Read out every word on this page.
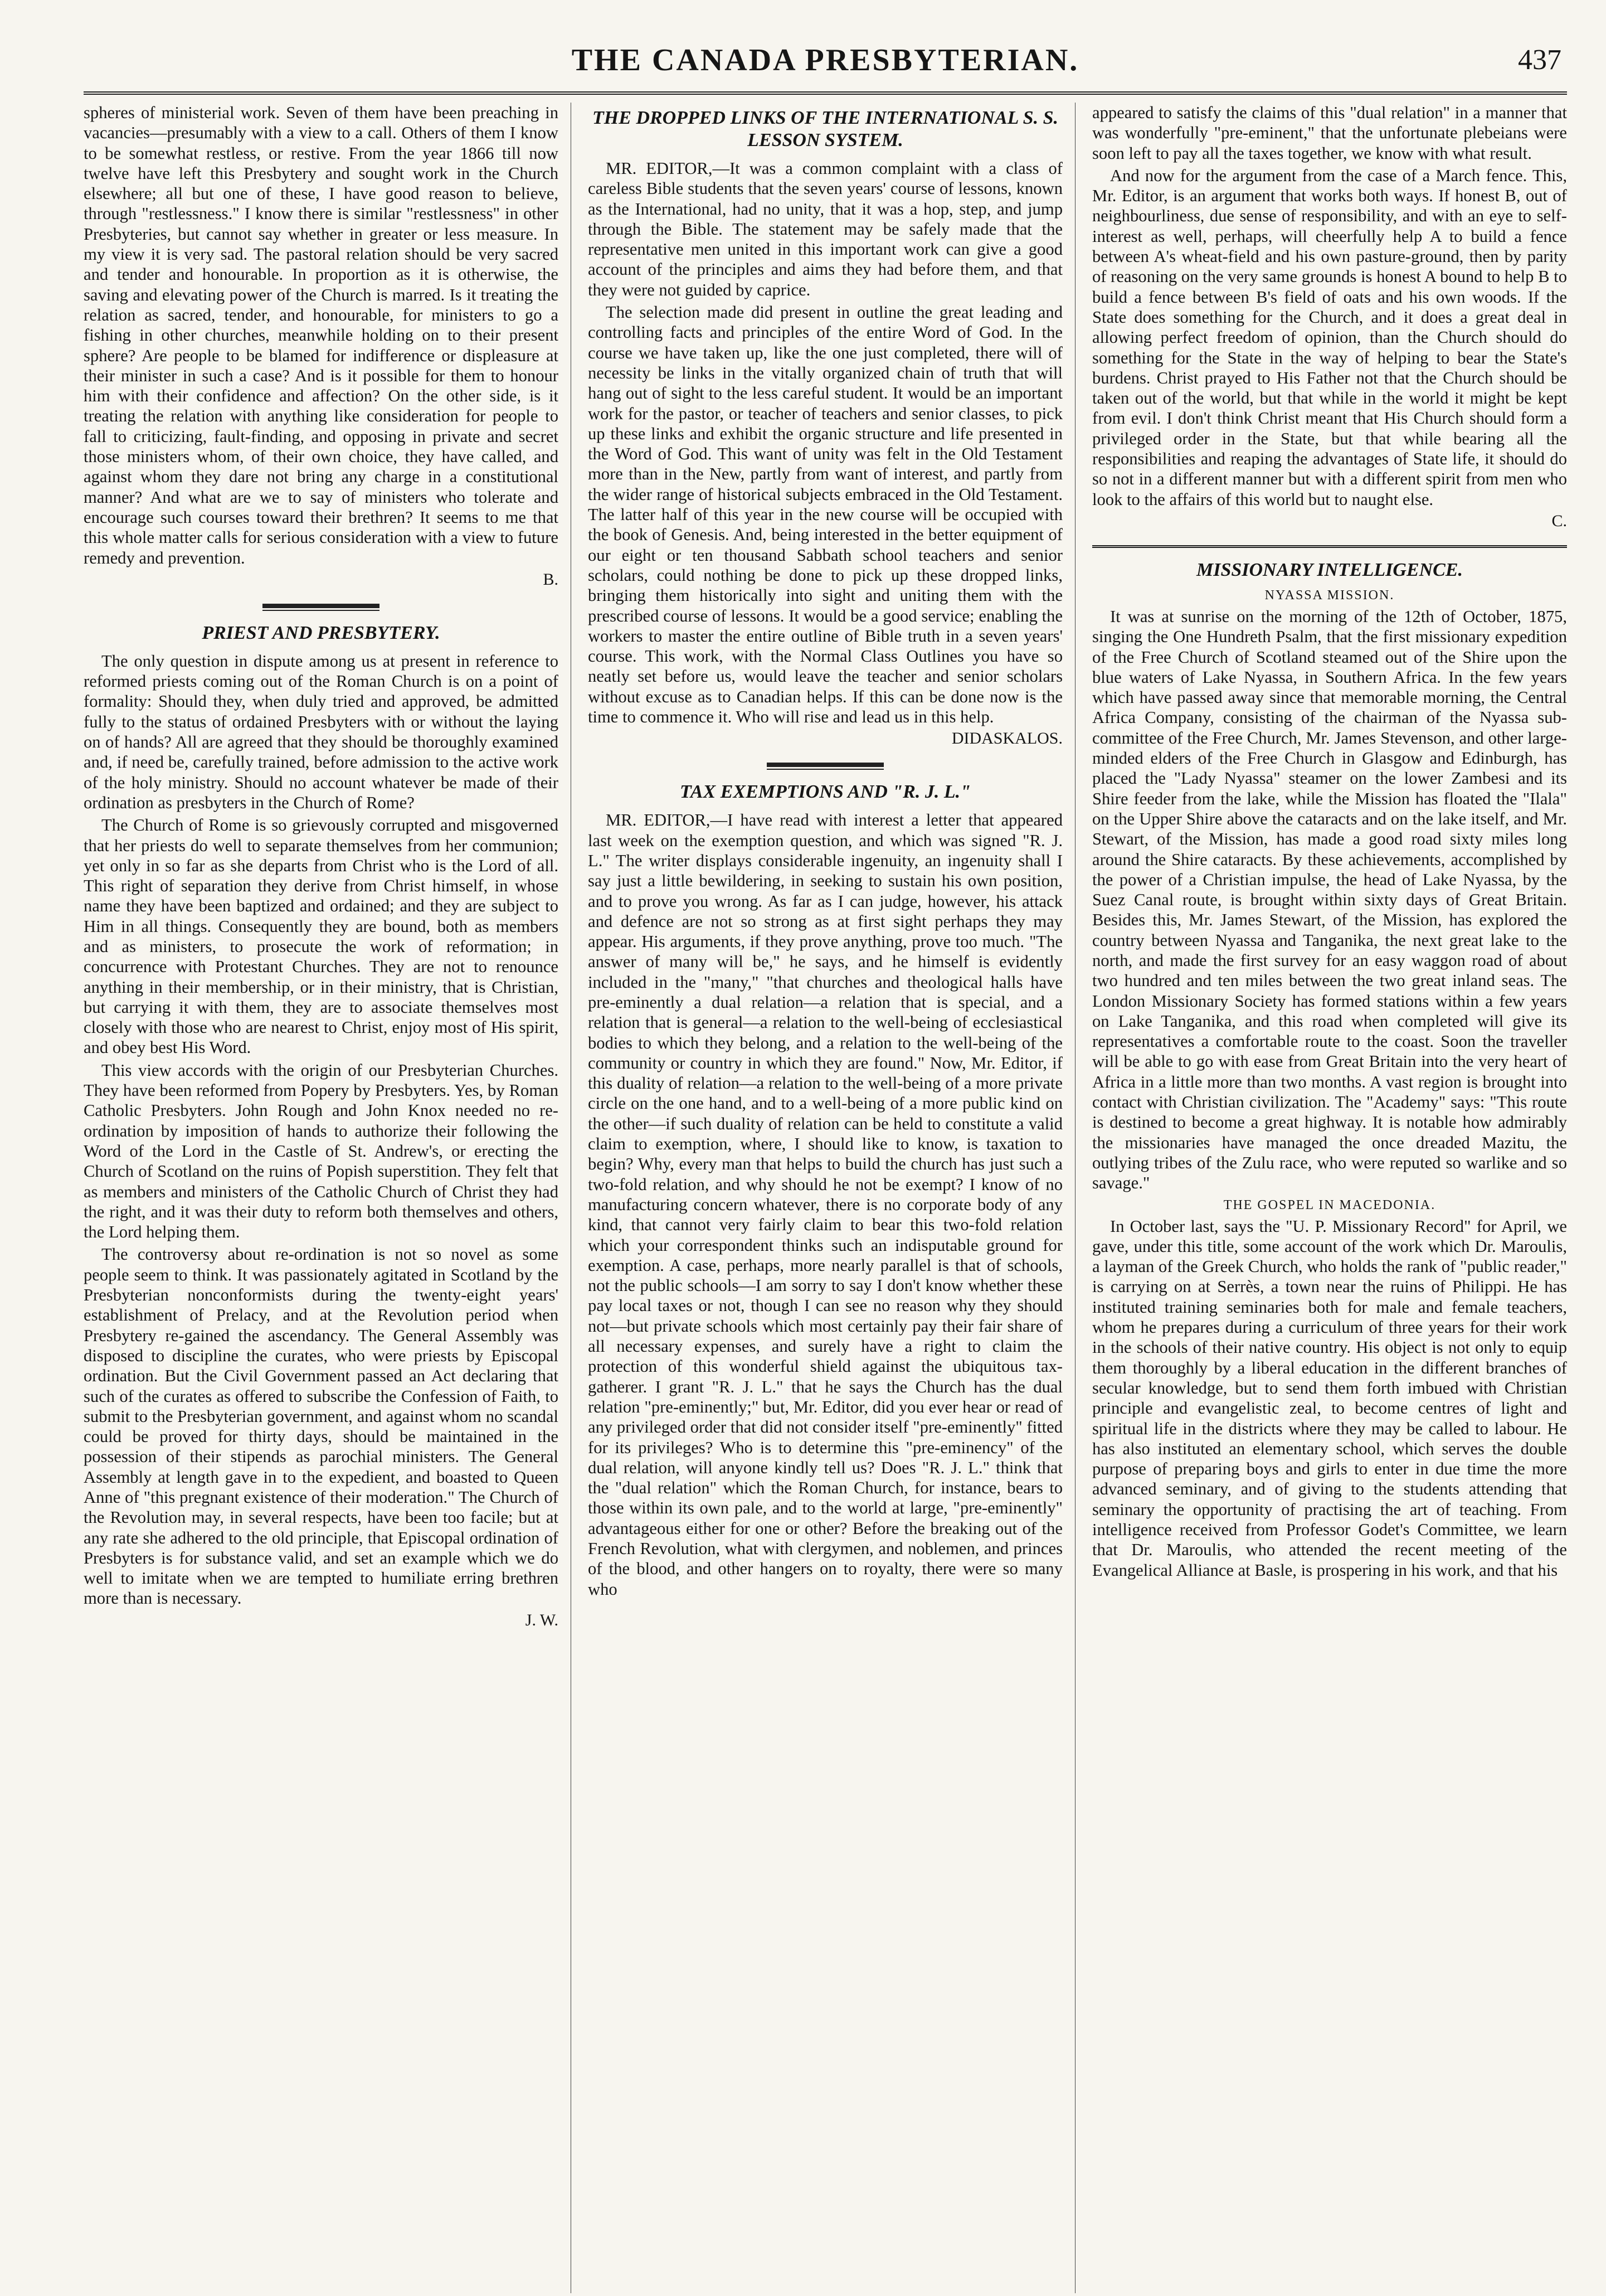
THE CANADA PRESBYTERIAN.	437

spheres of ministerial work. Seven of them have been preaching in vacancies—presumably with a view to a call. Others of them I know to be somewhat restless, or restive. From the year 1866 till now twelve have left this Presbytery and sought work in the Church elsewhere; all but one of these, I have good reason to believe, through "restlessness." I know there is similar "restlessness" in other Presbyteries, but cannot say whether in greater or less measure. In my view it is very sad. The pastoral relation should be very sacred and tender and honourable. In proportion as it is otherwise, the saving and elevating power of the Church is marred. Is it treating the relation as sacred, tender, and honourable, for ministers to go a fishing in other churches, meanwhile holding on to their present sphere? Are people to be blamed for indifference or displeasure at their minister in such a case? And is it possible for them to honour him with their confidence and affection? On the other side, is it treating the relation with anything like consideration for people to fall to criticizing, fault-finding, and opposing in private and secret those ministers whom, of their own choice, they have called, and against whom they dare not bring any charge in a constitutional manner? And what are we to say of ministers who tolerate and encourage such courses toward their brethren? It seems to me that this whole matter calls for serious consideration with a view to future remedy and prevention.

B.
PRIEST AND PRESBYTERY.

The only question in dispute among us at present in reference to reformed priests coming out of the Roman Church is on a point of formality: Should they, when duly tried and approved, be admitted fully to the status of ordained Presbyters with or without the laying on of hands? All are agreed that they should be thoroughly examined and, if need be, carefully trained, before admission to the active work of the holy ministry. Should no account whatever be made of their ordination as presbyters in the Church of Rome?

The Church of Rome is so grievously corrupted and misgoverned that her priests do well to separate themselves from her communion; yet only in so far as she departs from Christ who is the Lord of all. This right of separation they derive from Christ himself, in whose name they have been baptized and ordained; and they are subject to Him in all things. Consequently they are bound, both as members and as ministers, to prosecute the work of reformation; in concurrence with Protestant Churches. They are not to renounce anything in their membership, or in their ministry, that is Christian, but carrying it with them, they are to associate themselves most closely with those who are nearest to Christ, enjoy most of His spirit, and obey best His Word.

This view accords with the origin of our Presbyterian Churches. They have been reformed from Popery by Presbyters. Yes, by Roman Catholic Presbyters. John Rough and John Knox needed no re-ordination by imposition of hands to authorize their following the Word of the Lord in the Castle of St. Andrew's, or erecting the Church of Scotland on the ruins of Popish superstition. They felt that as members and ministers of the Catholic Church of Christ they had the right, and it was their duty to reform both themselves and others, the Lord helping them.

The controversy about re-ordination is not so novel as some people seem to think. It was passionately agitated in Scotland by the Presbyterian nonconformists during the twenty-eight years' establishment of Prelacy, and at the Revolution period when Presbytery re-gained the ascendancy. The General Assembly was disposed to discipline the curates, who were priests by Episcopal ordination. But the Civil Government passed an Act declaring that such of the curates as offered to subscribe the Confession of Faith, to submit to the Presbyterian government, and against whom no scandal could be proved for thirty days, should be maintained in the possession of their stipends as parochial ministers. The General Assembly at length gave in to the expedient, and boasted to Queen Anne of "this pregnant existence of their moderation." The Church of the Revolution may, in several respects, have been too facile; but at any rate she adhered to the old principle, that Episcopal ordination of Presbyters is for substance valid, and set an example which we do well to imitate when we are tempted to humiliate erring brethren more than is necessary.

J. W.
THE DROPPED LINKS OF THE INTERNATIONAL S. S. LESSON SYSTEM.

MR. EDITOR,—It was a common complaint with a class of careless Bible students that the seven years' course of lessons, known as the International, had no unity, that it was a hop, step, and jump through the Bible. The statement may be safely made that the representative men united in this important work can give a good account of the principles and aims they had before them, and that they were not guided by caprice.

The selection made did present in outline the great leading and controlling facts and principles of the entire Word of God. In the course we have taken up, like the one just completed, there will of necessity be links in the vitally organized chain of truth that will hang out of sight to the less careful student. It would be an important work for the pastor, or teacher of teachers and senior classes, to pick up these links and exhibit the organic structure and life presented in the Word of God. This want of unity was felt in the Old Testament more than in the New, partly from want of interest, and partly from the wider range of historical subjects embraced in the Old Testament. The latter half of this year in the new course will be occupied with the book of Genesis. And, being interested in the better equipment of our eight or ten thousand Sabbath school teachers and senior scholars, could nothing be done to pick up these dropped links, bringing them historically into sight and uniting them with the prescribed course of lessons. It would be a good service; enabling the workers to master the entire outline of Bible truth in a seven years' course. This work, with the Normal Class Outlines you have so neatly set before us, would leave the teacher and senior scholars without excuse as to Canadian helps. If this can be done now is the time to commence it. Who will rise and lead us in this help.

DIDASKALOS.
TAX EXEMPTIONS AND "R. J. L."

MR. EDITOR,—I have read with interest a letter that appeared last week on the exemption question, and which was signed "R. J. L." The writer displays considerable ingenuity, an ingenuity shall I say just a little bewildering, in seeking to sustain his own position, and to prove you wrong. As far as I can judge, however, his attack and defence are not so strong as at first sight perhaps they may appear. His arguments, if they prove anything, prove too much. "The answer of many will be," he says, and he himself is evidently included in the "many," "that churches and theological halls have pre-eminently a dual relation—a relation that is special, and a relation that is general—a relation to the well-being of ecclesiastical bodies to which they belong, and a relation to the well-being of the community or country in which they are found." Now, Mr. Editor, if this duality of relation—a relation to the well-being of a more private circle on the one hand, and to a well-being of a more public kind on the other—if such duality of relation can be held to constitute a valid claim to exemption, where, I should like to know, is taxation to begin? Why, every man that helps to build the church has just such a two-fold relation, and why should he not be exempt? I know of no manufacturing concern whatever, there is no corporate body of any kind, that cannot very fairly claim to bear this two-fold relation which your correspondent thinks such an indisputable ground for exemption. A case, perhaps, more nearly parallel is that of schools, not the public schools—I am sorry to say I don't know whether these pay local taxes or not, though I can see no reason why they should not—but private schools which most certainly pay their fair share of all necessary expenses, and surely have a right to claim the protection of this wonderful shield against the ubiquitous tax-gatherer. I grant "R. J. L." that he says the Church has the dual relation "pre-eminently;" but, Mr. Editor, did you ever hear or read of any privileged order that did not consider itself "pre-eminently" fitted for its privileges? Who is to determine this "pre-eminency" of the dual relation, will anyone kindly tell us? Does "R. J. L." think that the "dual relation" which the Roman Church, for instance, bears to those within its own pale, and to the world at large, "pre-eminently" advantageous either for one or other? Before the breaking out of the French Revolution, what with clergymen, and noblemen, and princes of the blood, and other hangers on to royalty, there were so many who

appeared to satisfy the claims of this "dual relation" in a manner that was wonderfully "pre-eminent," that the unfortunate plebeians were soon left to pay all the taxes together, we know with what result.

And now for the argument from the case of a March fence. This, Mr. Editor, is an argument that works both ways. If honest B, out of neighbourliness, due sense of responsibility, and with an eye to self-interest as well, perhaps, will cheerfully help A to build a fence between A's wheat-field and his own pasture-ground, then by parity of reasoning on the very same grounds is honest A bound to help B to build a fence between B's field of oats and his own woods. If the State does something for the Church, and it does a great deal in allowing perfect freedom of opinion, than the Church should do something for the State in the way of helping to bear the State's burdens. Christ prayed to His Father not that the Church should be taken out of the world, but that while in the world it might be kept from evil. I don't think Christ meant that His Church should form a privileged order in the State, but that while bearing all the responsibilities and reaping the advantages of State life, it should do so not in a different manner but with a different spirit from men who look to the affairs of this world but to naught else.

C.
MISSIONARY INTELLIGENCE.
NYASSA MISSION.

It was at sunrise on the morning of the 12th of October, 1875, singing the One Hundreth Psalm, that the first missionary expedition of the Free Church of Scotland steamed out of the Shire upon the blue waters of Lake Nyassa, in Southern Africa. In the few years which have passed away since that memorable morning, the Central Africa Company, consisting of the chairman of the Nyassa sub-committee of the Free Church, Mr. James Stevenson, and other large-minded elders of the Free Church in Glasgow and Edinburgh, has placed the "Lady Nyassa" steamer on the lower Zambesi and its Shire feeder from the lake, while the Mission has floated the "Ilala" on the Upper Shire above the cataracts and on the lake itself, and Mr. Stewart, of the Mission, has made a good road sixty miles long around the Shire cataracts. By these achievements, accomplished by the power of a Christian impulse, the head of Lake Nyassa, by the Suez Canal route, is brought within sixty days of Great Britain. Besides this, Mr. James Stewart, of the Mission, has explored the country between Nyassa and Tanganika, the next great lake to the north, and made the first survey for an easy waggon road of about two hundred and ten miles between the two great inland seas. The London Missionary Society has formed stations within a few years on Lake Tanganika, and this road when completed will give its representatives a comfortable route to the coast. Soon the traveller will be able to go with ease from Great Britain into the very heart of Africa in a little more than two months. A vast region is brought into contact with Christian civilization. The "Academy" says: "This route is destined to become a great highway. It is notable how admirably the missionaries have managed the once dreaded Mazitu, the outlying tribes of the Zulu race, who were reputed so warlike and so savage."

THE GOSPEL IN MACEDONIA.

In October last, says the "U. P. Missionary Record" for April, we gave, under this title, some account of the work which Dr. Maroulis, a layman of the Greek Church, who holds the rank of "public reader," is carrying on at Serrès, a town near the ruins of Philippi. He has instituted training seminaries both for male and female teachers, whom he prepares during a curriculum of three years for their work in the schools of their native country. His object is not only to equip them thoroughly by a liberal education in the different branches of secular knowledge, but to send them forth imbued with Christian principle and evangelistic zeal, to become centres of light and spiritual life in the districts where they may be called to labour. He has also instituted an elementary school, which serves the double purpose of preparing boys and girls to enter in due time the more advanced seminary, and of giving to the students attending that seminary the opportunity of practising the art of teaching. From intelligence received from Professor Godet's Committee, we learn that Dr. Maroulis, who attended the recent meeting of the Evangelical Alliance at Basle, is prospering in his work, and that his
